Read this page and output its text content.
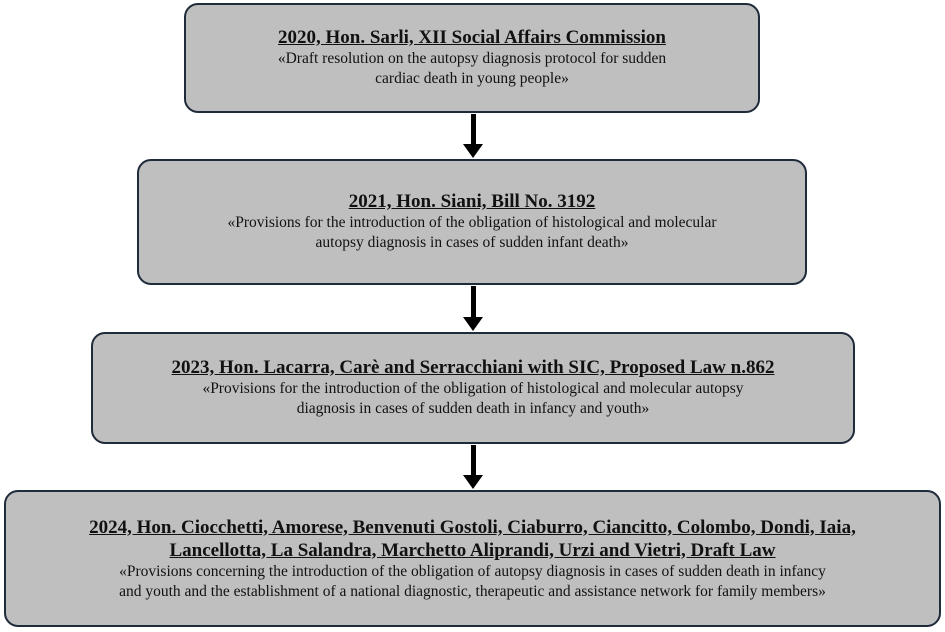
2020, Hon. Sarli, XII Social Affairs Commission
«Draft resolution on the autopsy diagnosis protocol for sudden
cardiac death in young people»
2021, Hon. Siani, Bill No. 3192
«Provisions for the introduction of the obligation of histological and molecular
autopsy diagnosis in cases of sudden infant death»
2023, Hon. Lacarra, Carè and Serracchiani with SIC, Proposed Law n.862
«Provisions for the introduction of the obligation of histological and molecular autopsy
diagnosis in cases of sudden death in infancy and youth»
2024, Hon. Ciocchetti, Amorese, Benvenuti Gostoli, Ciaburro, Ciancitto, Colombo, Dondi, Iaia,
Lancellotta, La Salandra, Marchetto Aliprandi, Urzi and Vietri, Draft Law
«Provisions concerning the introduction of the obligation of autopsy diagnosis in cases of sudden death in infancy
and youth and the establishment of a national diagnostic, therapeutic and assistance network for family members»
